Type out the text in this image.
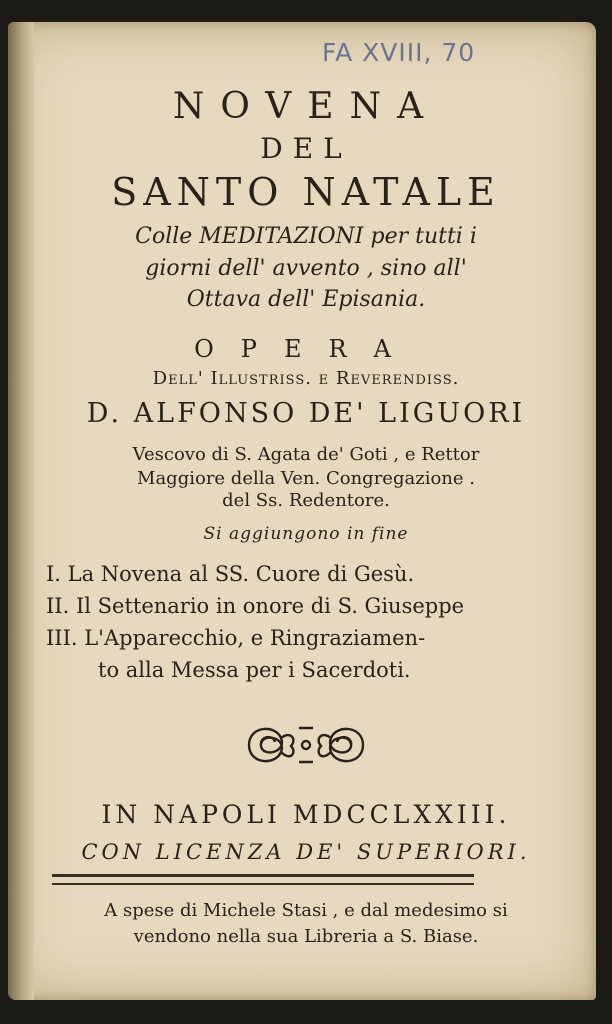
FA XVIII, 70
NOVENA
DEL
SANTO NATALE
Colle MEDITAZIONI per tutti i
giorni dell' avvento , sino all'
Ottava dell' Episania.
OPERA
Dell' Illustriss. e Reverendiss.
D. ALFONSO DE' LIGUORI
Vescovo di S. Agata de' Goti , e Rettor
Maggiore della Ven. Congregazione .
del Ss. Redentore.
Si aggiungono in fine
I. La Novena al SS. Cuore di Gesù.
II. Il Settenario in onore di S. Giuseppe
III. L'Apparecchio, e Ringraziamen-
to alla Messa per i Sacerdoti.
IN NAPOLI MDCCLXXIII.
CON LICENZA DE' SUPERIORI.
A spese di Michele Stasi , e dal medesimo si
vendono nella sua Libreria a S. Biase.
